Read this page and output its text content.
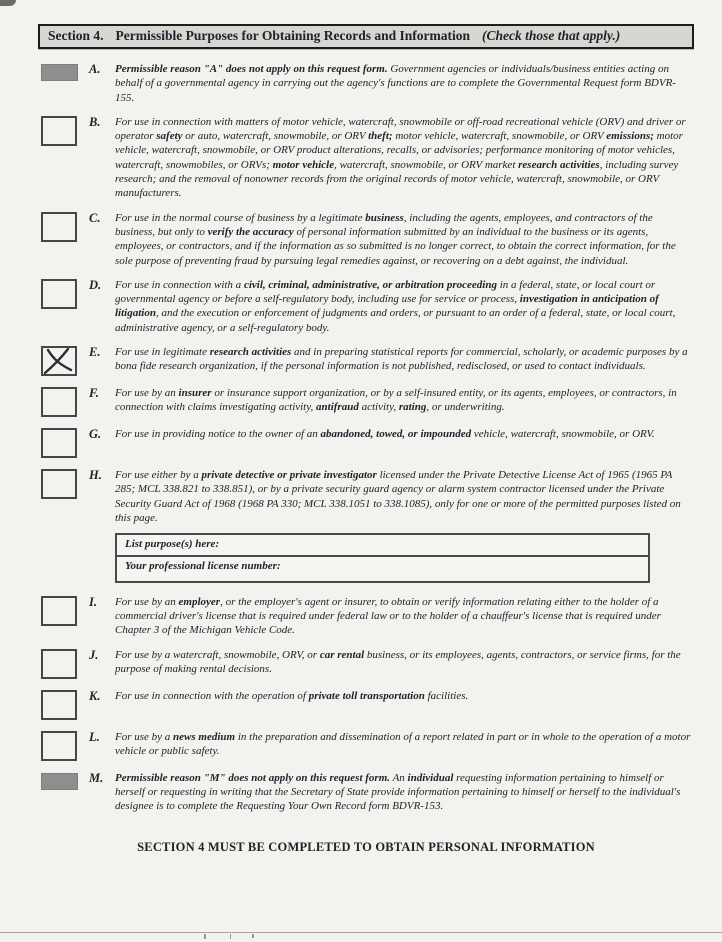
Section 4. Permissible Purposes for Obtaining Records and Information (Check those that apply.)
A.	Permissible reason "A" does not apply on this request form. Government agencies or individuals/business entities acting on behalf of a governmental agency in carrying out the agency's functions are to complete the Governmental Request form BDVR-155.
B.	For use in connection with matters of motor vehicle, watercraft, snowmobile or off-road recreational vehicle (ORV) and driver or operator safety or auto, watercraft, snowmobile, or ORV theft; motor vehicle, watercraft, snowmobile, or ORV emissions; motor vehicle, watercraft, snowmobile, or ORV product alterations, recalls, or advisories; performance monitoring of motor vehicles, watercraft, snowmobiles, or ORVs; motor vehicle, watercraft, snowmobile, or ORV market research activities, including survey research; and the removal of nonowner records from the original records of motor vehicle, watercraft, snowmobile, or ORV manufacturers.
C.	For use in the normal course of business by a legitimate business, including the agents, employees, and contractors of the business, but only to verify the accuracy of personal information submitted by an individual to the business or its agents, employees, or contractors, and if the information as so submitted is no longer correct, to obtain the correct information, for the sole purpose of preventing fraud by pursuing legal remedies against, or recovering on a debt against, the individual.
D.	For use in connection with a civil, criminal, administrative, or arbitration proceeding in a federal, state, or local court or governmental agency or before a self-regulatory body, including use for service or process, investigation in anticipation of litigation, and the execution or enforcement of judgments and orders, or pursuant to an order of a federal, state, or local court, administrative agency, or a self-regulatory body.
E.	For use in legitimate research activities and in preparing statistical reports for commercial, scholarly, or academic purposes by a bona fide research organization, if the personal information is not published, redisclosed, or used to contact individuals.
F.	For use by an insurer or insurance support organization, or by a self-insured entity, or its agents, employees, or contractors, in connection with claims investigating activity, antifraud activity, rating, or underwriting.
G.	For use in providing notice to the owner of an abandoned, towed, or impounded vehicle, watercraft, snowmobile, or ORV.
H.	For use either by a private detective or private investigator licensed under the Private Detective License Act of 1965 (1965 PA 285; MCL 338.821 to 338.851), or by a private security guard agency or alarm system contractor licensed under the Private Security Guard Act of 1968 (1968 PA 330; MCL 338.1051 to 338.1085), only for one or more of the permitted purposes listed on this page.
List purpose(s) here:
Your professional license number:
I.	For use by an employer, or the employer's agent or insurer, to obtain or verify information relating either to the holder of a commercial driver's license that is required under federal law or to the holder of a chauffeur's license that is required under Chapter 3 of the Michigan Vehicle Code.
J.	For use by a watercraft, snowmobile, ORV, or car rental business, or its employees, agents, contractors, or service firms, for the purpose of making rental decisions.
K.	For use in connection with the operation of private toll transportation facilities.
L.	For use by a news medium in the preparation and dissemination of a report related in part or in whole to the operation of a motor vehicle or public safety.
M.	Permissible reason "M" does not apply on this request form. An individual requesting information pertaining to himself or herself or requesting in writing that the Secretary of State provide information pertaining to himself or herself to the individual's designee is to complete the Requesting Your Own Record form BDVR-153.
SECTION 4 MUST BE COMPLETED TO OBTAIN PERSONAL INFORMATION
